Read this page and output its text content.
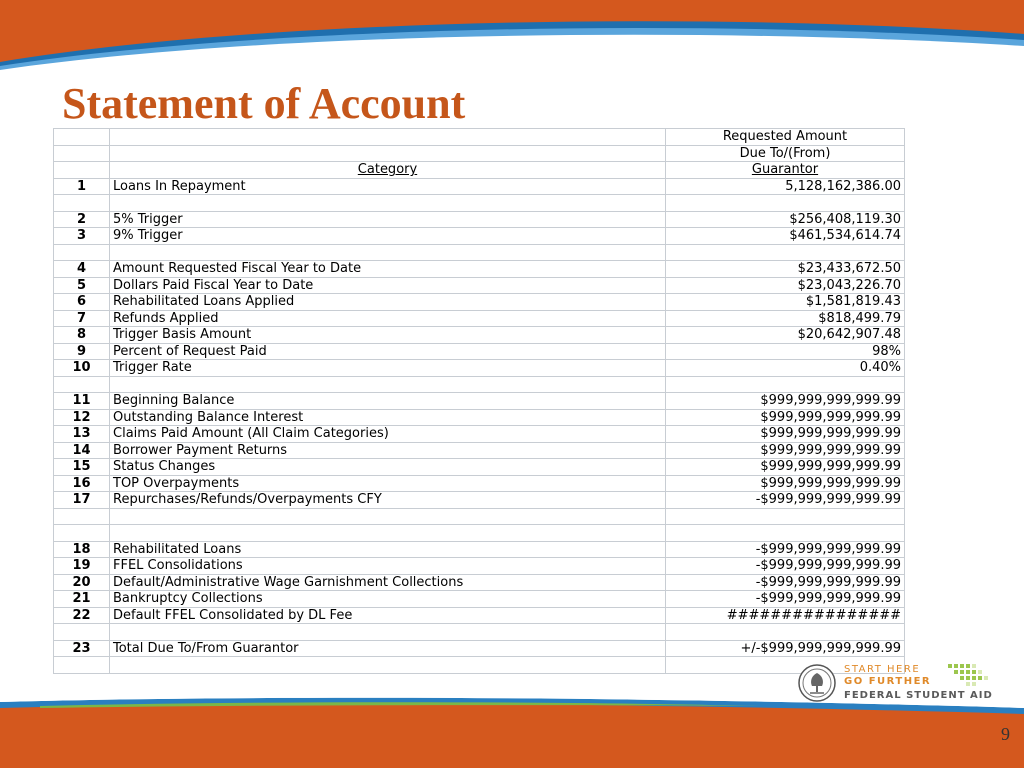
Statement of Account
		Requested Amount
		Due To/(From)
	Category	Guarantor
1	Loans In Repayment	5,128,162,386.00

2	5% Trigger	$256,408,119.30
3	9% Trigger	$461,534,614.74

4	Amount Requested Fiscal Year to Date	$23,433,672.50
5	Dollars Paid Fiscal Year to Date	$23,043,226.70
6	Rehabilitated Loans Applied	$1,581,819.43
7	Refunds Applied	$818,499.79
8	Trigger Basis Amount	$20,642,907.48
9	Percent of Request Paid	98%
10	Trigger Rate	0.40%

11	Beginning Balance	$999,999,999,999.99
12	Outstanding Balance Interest	$999,999,999,999.99
13	Claims Paid Amount (All Claim Categories)	$999,999,999,999.99
14	Borrower Payment Returns	$999,999,999,999.99
15	Status Changes	$999,999,999,999.99
16	TOP Overpayments	$999,999,999,999.99
17	Repurchases/Refunds/Overpayments CFY	-$999,999,999,999.99

18	Rehabilitated Loans	-$999,999,999,999.99
19	FFEL Consolidations	-$999,999,999,999.99
20	Default/Administrative Wage Garnishment Collections	-$999,999,999,999.99
21	Bankruptcy Collections	-$999,999,999,999.99
22	Default FFEL Consolidated by DL Fee	################

23	Total Due To/From Guarantor	+/-$999,999,999,999.99

START HERE
GO FURTHER
FEDERAL STUDENT AID
9
